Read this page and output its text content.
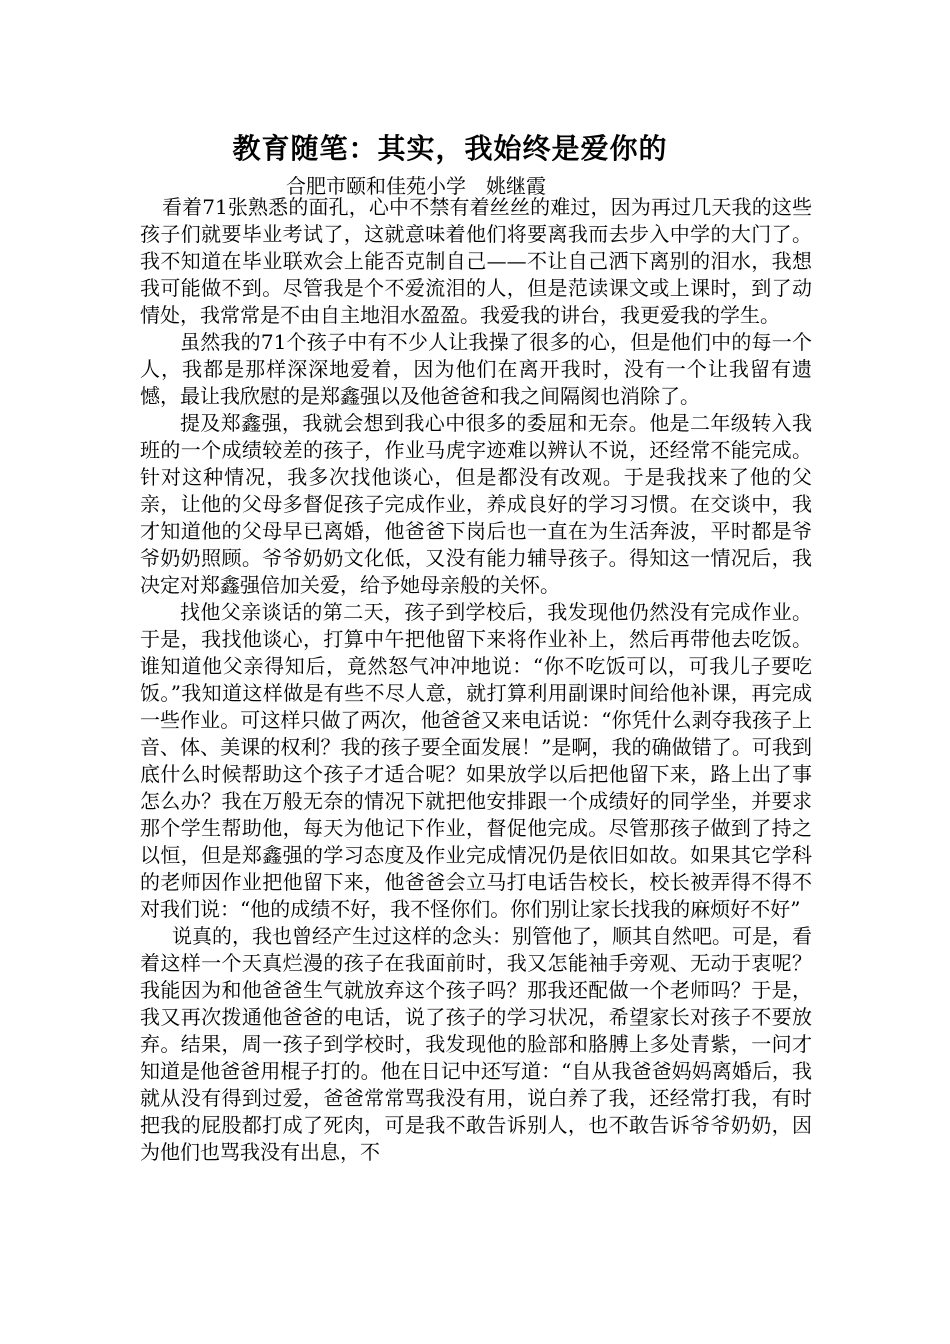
教育随笔：其实，我始终是爱你的

合肥市颐和佳苑小学　姚继霞

看着71张熟悉的面孔，心中不禁有着丝丝的难过，因为再过几天我的这些孩子们就要毕业考试了，这就意味着他们将要离我而去步入中学的大门了。我不知道在毕业联欢会上能否克制自己——不让自己洒下离别的泪水，我想我可能做不到。尽管我是个不爱流泪的人，但是范读课文或上课时，到了动情处，我常常是不由自主地泪水盈盈。我爱我的讲台，我更爱我的学生。

虽然我的71个孩子中有不少人让我操了很多的心，但是他们中的每一个人，我都是那样深深地爱着，因为他们在离开我时，没有一个让我留有遗憾，最让我欣慰的是郑鑫强以及他爸爸和我之间隔阂也消除了。

提及郑鑫强，我就会想到我心中很多的委屈和无奈。他是二年级转入我班的一个成绩较差的孩子，作业马虎字迹难以辨认不说，还经常不能完成。针对这种情况，我多次找他谈心，但是都没有改观。于是我找来了他的父亲，让他的父母多督促孩子完成作业，养成良好的学习习惯。在交谈中，我才知道他的父母早已离婚，他爸爸下岗后也一直在为生活奔波，平时都是爷爷奶奶照顾。爷爷奶奶文化低，又没有能力辅导孩子。得知这一情况后，我决定对郑鑫强倍加关爱，给予她母亲般的关怀。

找他父亲谈话的第二天，孩子到学校后，我发现他仍然没有完成作业。于是，我找他谈心，打算中午把他留下来将作业补上，然后再带他去吃饭。谁知道他父亲得知后，竟然怒气冲冲地说：“你不吃饭可以，可我儿子要吃饭。”我知道这样做是有些不尽人意，就打算利用副课时间给他补课，再完成一些作业。可这样只做了两次，他爸爸又来电话说：“你凭什么剥夺我孩子上音、体、美课的权利？我的孩子要全面发展！”是啊，我的确做错了。可我到底什么时候帮助这个孩子才适合呢？如果放学以后把他留下来，路上出了事怎么办？我在万般无奈的情况下就把他安排跟一个成绩好的同学坐，并要求那个学生帮助他，每天为他记下作业，督促他完成。尽管那孩子做到了持之以恒，但是郑鑫强的学习态度及作业完成情况仍是依旧如故。如果其它学科的老师因作业把他留下来，他爸爸会立马打电话告校长，校长被弄得不得不对我们说：“他的成绩不好，我不怪你们。你们别让家长找我的麻烦好不好”

说真的，我也曾经产生过这样的念头：别管他了，顺其自然吧。可是，看着这样一个天真烂漫的孩子在我面前时，我又怎能袖手旁观、无动于衷呢？我能因为和他爸爸生气就放弃这个孩子吗？那我还配做一个老师吗？于是，我又再次拨通他爸爸的电话，说了孩子的学习状况，希望家长对孩子不要放弃。结果，周一孩子到学校时，我发现他的脸部和胳膊上多处青紫，一问才知道是他爸爸用棍子打的。他在日记中还写道：“自从我爸爸妈妈离婚后，我就从没有得到过爱，爸爸常常骂我没有用，说白养了我，还经常打我，有时把我的屁股都打成了死肉，可是我不敢告诉别人，也不敢告诉爷爷奶奶，因为他们也骂我没有出息，不
